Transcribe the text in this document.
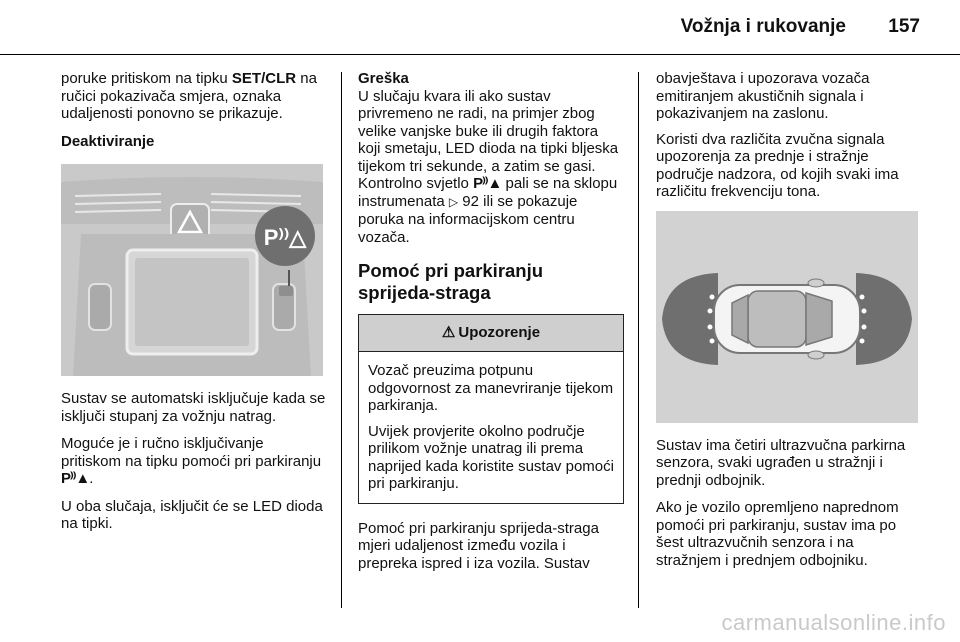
Vožnja i rukovanje 157

poruke pritiskom na tipku SET/CLR na ručici pokazivača smjera, oznaka udaljenosti ponovno se prikazuje.

Deaktiviranje
P⁾⁾△

Sustav se automatski isključuje kada se isključi stupanj za vožnju natrag.

Moguće je i ručno isključivanje pritiskom na tipku pomoći pri parkiranju P⁾⁾▲.

U oba slučaja, isključit će se LED dioda na tipki.

Greška

U slučaju kvara ili ako sustav privremeno ne radi, na primjer zbog velike vanjske buke ili drugih faktora koji smetaju, LED dioda na tipki bljeska tijekom tri sekunde, a zatim se gasi. Kontrolno svjetlo P⁾⁾▲ pali se na sklopu instrumenata ▷ 92 ili se pokazuje poruka na informacijskom centru vozača.

Pomoć pri parkiranju sprijeda-straga
⚠ Upozorenje

Vozač preuzima potpunu odgovornost za manevriranje tijekom parkiranja.

Uvijek provjerite okolno područje prilikom vožnje unatrag ili prema naprijed kada koristite sustav pomoći pri parkiranju.

Pomoć pri parkiranju sprijeda-straga mjeri udaljenost između vozila i prepreka ispred i iza vozila. Sustav

obavještava i upozorava vozača emitiranjem akustičnih signala i pokazivanjem na zaslonu.

Koristi dva različita zvučna signala upozorenja za prednje i stražnje područje nadzora, od kojih svaki ima različitu frekvenciju tona.

Sustav ima četiri ultrazvučna parkirna senzora, svaki ugrađen u stražnji i prednji odbojnik.

Ako je vozilo opremljeno naprednom pomoći pri parkiranju, sustav ima po šest ultrazvučnih senzora i na stražnjem i prednjem odbojniku.

carmanualsonline.info
